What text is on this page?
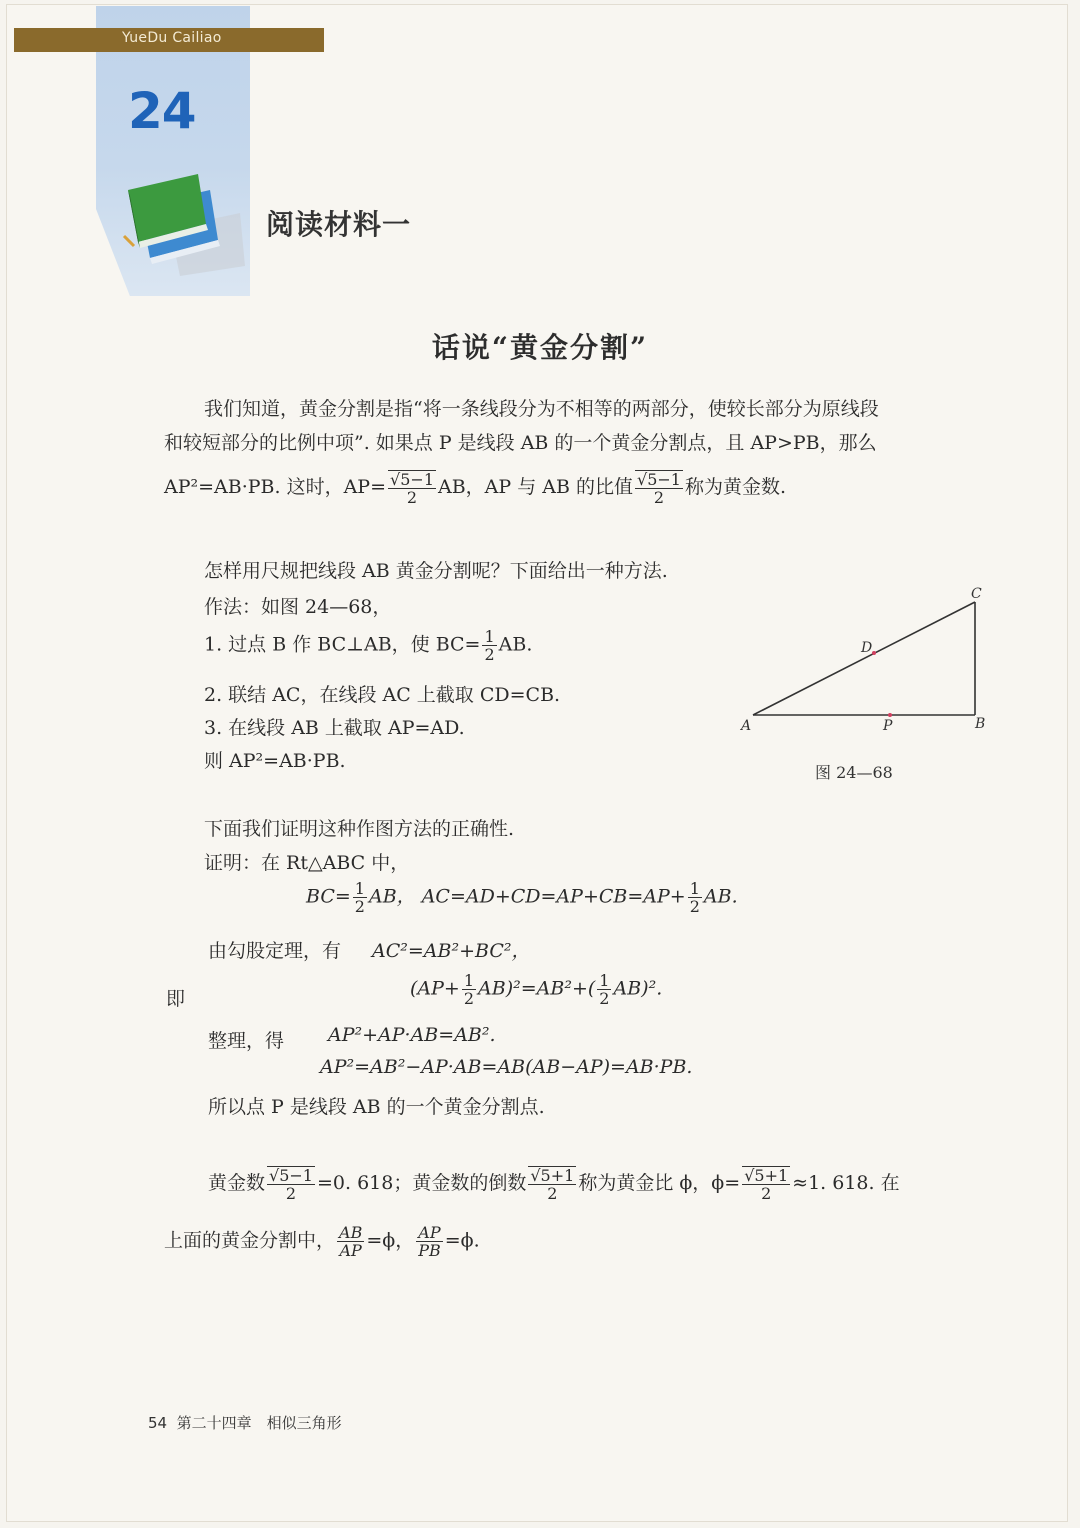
YueDu Cailiao
24
阅读材料一
话说“黄金分割”
我们知道，黄金分割是指“将一条线段分为不相等的两部分，使较长部分为原线段
和较短部分的比例中项”. 如果点 P 是线段 AB 的一个黄金分割点，且 AP>PB，那么
AP²=AB·PB. 这时，$AP= \frac{√5-1}{2}$ AB，AP 与 AB 的比值 $\frac{√5-1}{2}$ 称为黄金数.
怎样用尺规把线段 AB 黄金分割呢？下面给出一种方法.
作法：如图 24—68，
1. 过点 B 作 BC⊥AB，使 $BC= \frac{1}{2}$ AB.
2. 联结 AC，在线段 AC 上截取 CD=CB.
3. 在线段 AB 上截取 AP=AD.
则 AP²=AB·PB.
A	B
C
D
P
图 24—68
下面我们证明这种作图方法的正确性.
证明：在 Rt△ABC 中，
$BC= \frac{1}{2}$ AB， $AC=AD+CD=AP+CB=AP+ \frac{1}{2}$ AB.
由勾股定理，有 AC²=AB²+BC²，
即	$(AP+ \frac{1}{2} AB)^2=AB^2+( \frac{1}{2} AB)^2$.
整理，得 AP²+AP·AB=AB².
AP²=AB²−AP·AB=AB(AB−AP)=AB·PB.
所以点 P 是线段 AB 的一个黄金分割点.
黄金数 $\frac{√5-1}{2} =0$. 618；黄金数的倒数 $\frac{√5+1}{2}$ 称为黄金比 ϕ，$\phi= \frac{√5+1}{2} \approx 1$. 618. 在
上面的黄金分割中， $\frac{AB}{AP} =\phi$， $\frac{AP}{PB} =\phi$.
54 第二十四章　相似三角形
